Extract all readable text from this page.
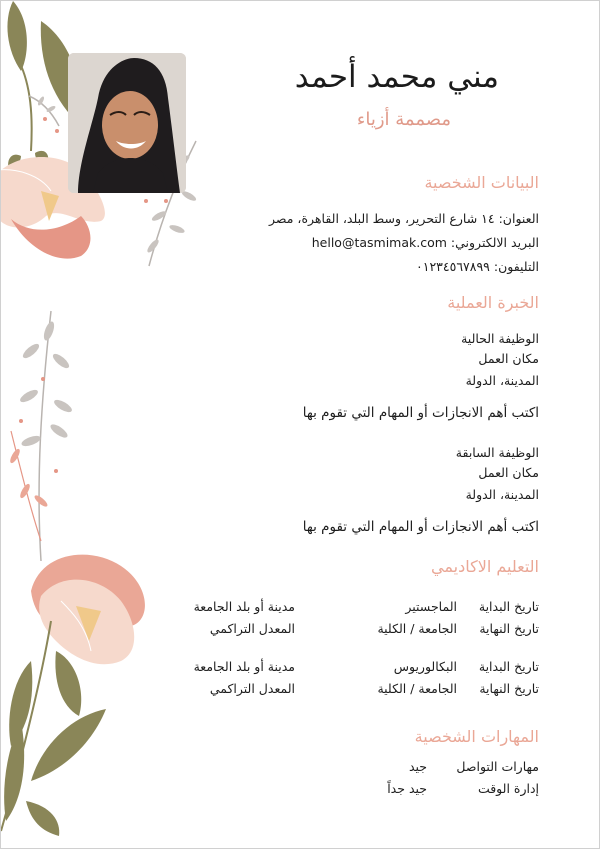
مني محمد أحمد
مصممة أزياء
البيانات الشخصية
العنوان: ١٤ شارع التحرير، وسط البلد، القاهرة، مصر
البريد الالكتروني: hello@tasmimak.com
التليفون: ٠١٢٣٤٥٦٧٨٩٩
الخبرة العملية
الوظيفة الحالية
مكان العمل
المدينة، الدولة
اكتب أهم الانجازات أو المهام التي تقوم بها
الوظيفة السابقة
مكان العمل
المدينة، الدولة
اكتب أهم الانجازات أو المهام التي تقوم بها
التعليم الاكاديمي
تاريخ البداية
تاريخ النهاية
الماجستير
الجامعة / الكلية
مدينة أو بلد الجامعة
المعدل التراكمي
تاريخ البداية
تاريخ النهاية
البكالوريوس
الجامعة / الكلية
مدينة أو بلد الجامعة
المعدل التراكمي
المهارات الشخصية
مهارات التواصل
جيد
إدارة الوقت
جيد جداً
